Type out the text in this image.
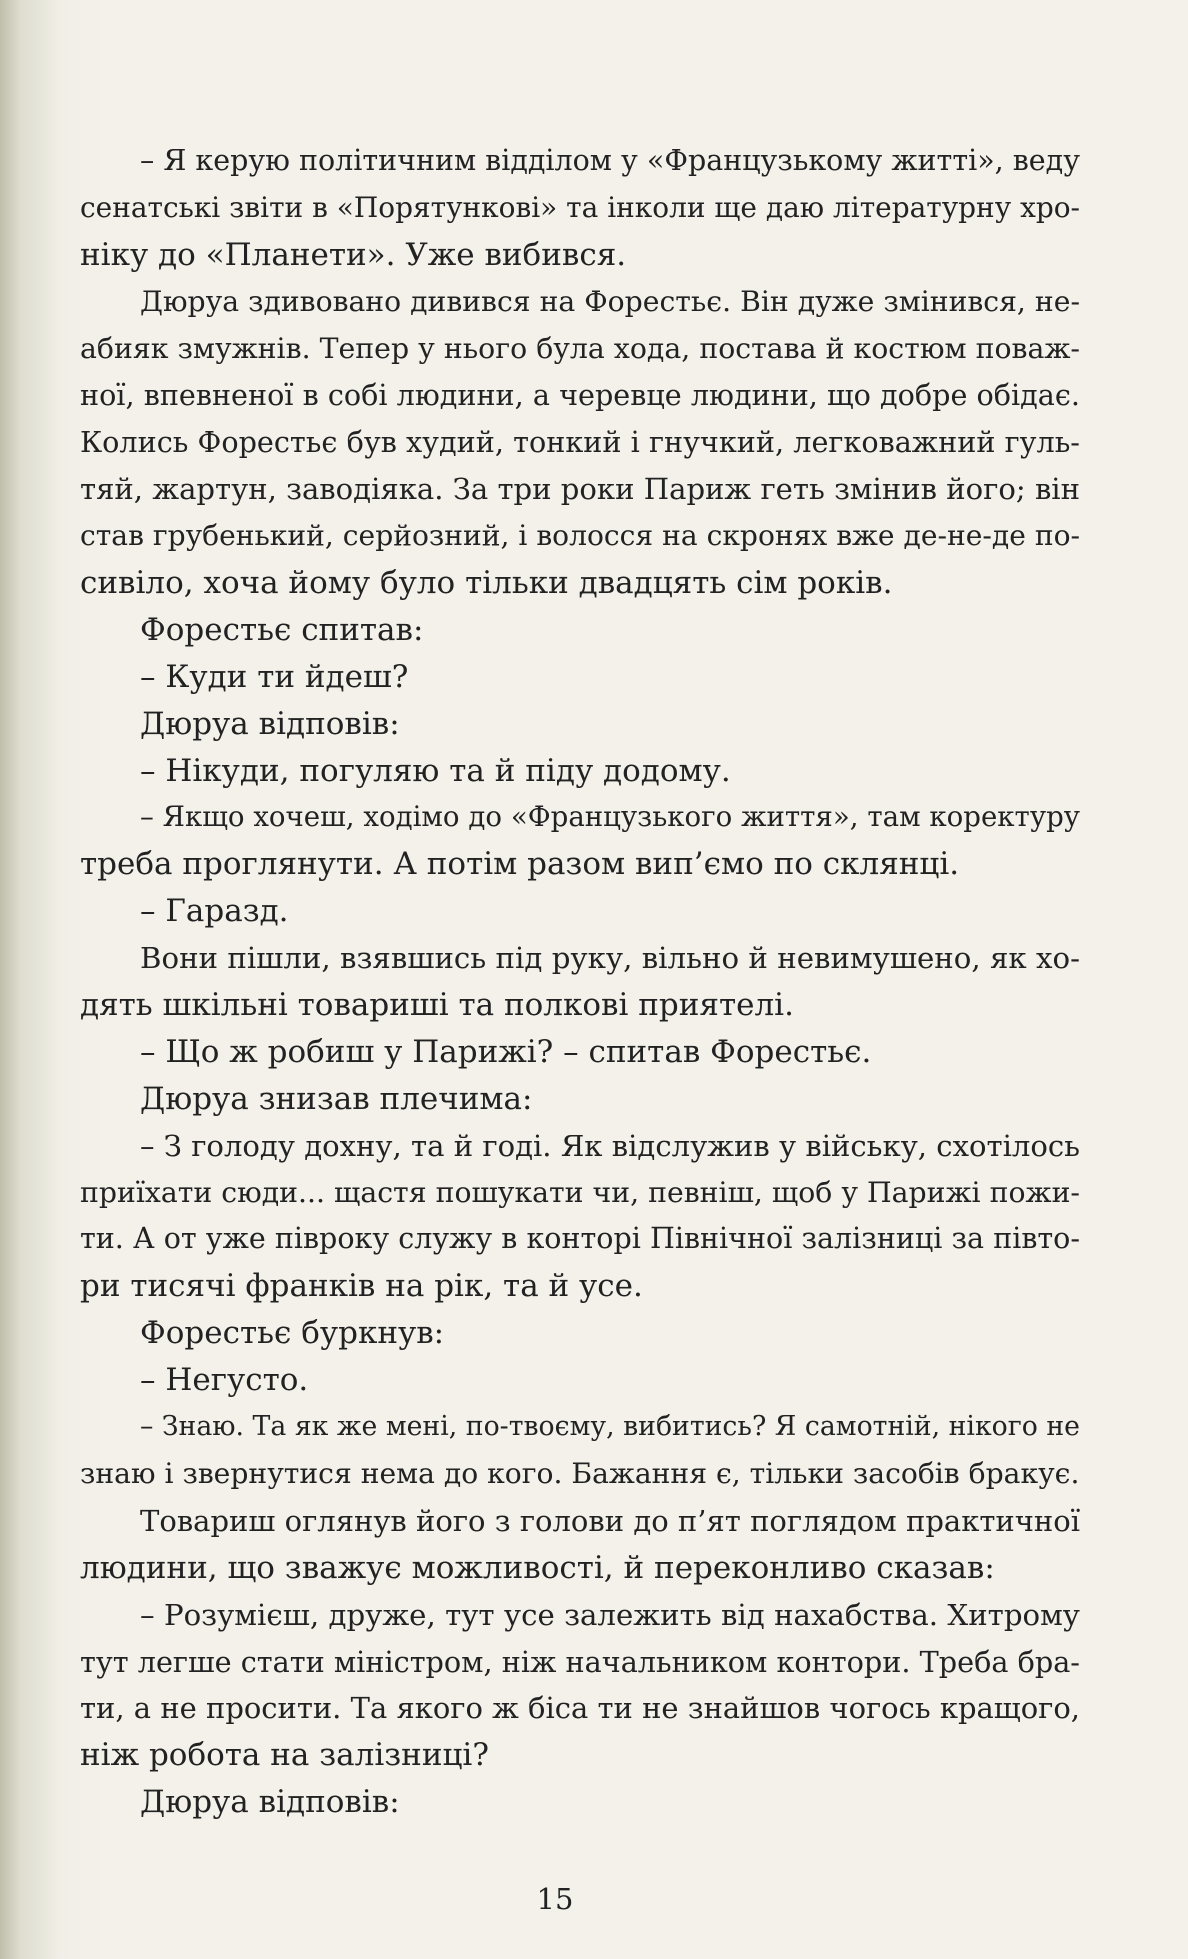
– Я керую політичним відділом у «Французькому житті», веду
сенатські звіти в «Порятункові» та інколи ще даю літературну хро-
ніку до «Планети». Уже вибився.
Дюруа здивовано дивився на Форестьє. Він дуже змінився, не-
абияк змужнів. Тепер у нього була хода, постава й костюм поваж-
ної, впевненої в собі людини, а черевце людини, що добре обідає.
Колись Форестьє був худий, тонкий і гнучкий, легковажний гуль-
тяй, жартун, заводіяка. За три роки Париж геть змінив його; він
став грубенький, серйозний, і волосся на скронях вже де-не-де по-
сивіло, хоча йому було тільки двадцять сім років.
Форестьє спитав:
– Куди ти йдеш?
Дюруа відповів:
– Нікуди, погуляю та й піду додому.
– Якщо хочеш, ходімо до «Французького життя», там коректуру
треба проглянути. А потім разом вип’ємо по склянці.
– Гаразд.
Вони пішли, взявшись під руку, вільно й невимушено, як хо-
дять шкільні товариші та полкові приятелі.
– Що ж робиш у Парижі? – спитав Форестьє.
Дюруа знизав плечима:
– З голоду дохну, та й годі. Як відслужив у війську, схотілось
приїхати сюди... щастя пошукати чи, певніш, щоб у Парижі пожи-
ти. А от уже півроку служу в конторі Північної залізниці за півто-
ри тисячі франків на рік, та й усе.
Форестьє буркнув:
– Негусто.
– Знаю. Та як же мені, по-твоєму, вибитись? Я самотній, нікого не
знаю і звернутися нема до кого. Бажання є, тільки засобів бракує.
Товариш оглянув його з голови до п’ят поглядом практичної
людини, що зважує можливості, й переконливо сказав:
– Розумієш, друже, тут усе залежить від нахабства. Хитрому
тут легше стати міністром, ніж начальником контори. Треба бра-
ти, а не просити. Та якого ж біса ти не знайшов чогось кращого,
ніж робота на залізниці?
Дюруа відповів:
15
